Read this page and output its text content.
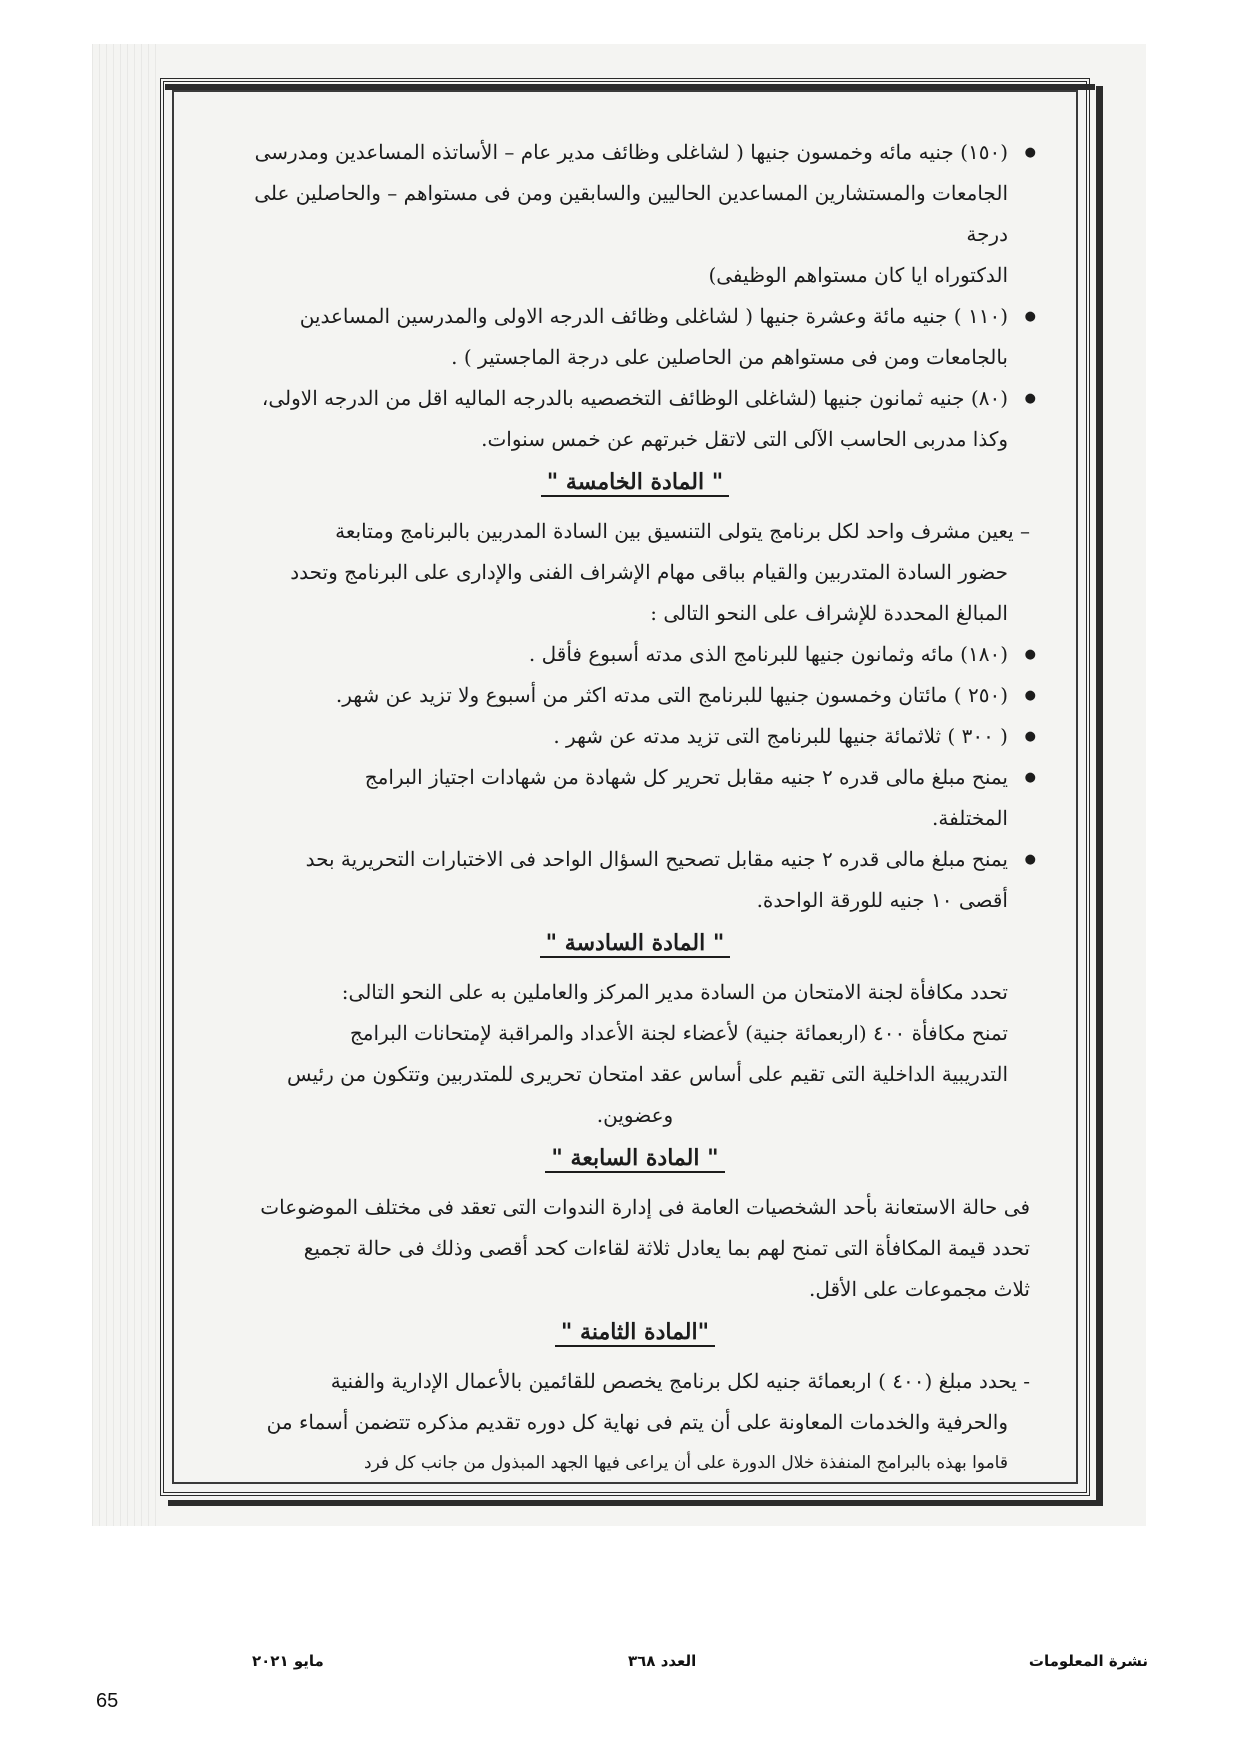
● (١٥٠) جنيه مائه وخمسون جنيها ( لشاغلى وظائف مدير عام – الأساتذه المساعدين ومدرسى

الجامعات والمستشارين المساعدين الحاليين والسابقين ومن فى مستواهم – والحاصلين على درجة

الدكتوراه ايا كان مستواهم الوظيفى)

● (١١٠ ) جنيه مائة وعشرة جنيها ( لشاغلى وظائف الدرجه الاولى والمدرسين المساعدين

بالجامعات ومن فى مستواهم من الحاصلين على درجة الماجستير ) .

● (٨٠) جنيه ثمانون جنيها (لشاغلى الوظائف التخصصيه بالدرجه الماليه اقل من الدرجه الاولى،

وكذا مدربى الحاسب الآلى التى لاتقل خبرتهم عن خمس سنوات.

" المادة الخامسة "

– يعين مشرف واحد لكل برنامج يتولى التنسيق بين السادة المدربين بالبرنامج ومتابعة

حضور السادة المتدربين والقيام بباقى مهام الإشراف الفنى والإدارى على البرنامج وتحدد

المبالغ المحددة للإشراف على النحو التالى :

● (١٨٠) مائه وثمانون جنيها للبرنامج الذى مدته أسبوع فأقل .

● (٢٥٠ ) مائتان وخمسون جنيها للبرنامج التى مدته اكثر من أسبوع ولا تزيد عن شهر.

● ( ٣٠٠ ) ثلاثمائة جنيها للبرنامج التى تزيد مدته عن شهر .

● يمنح مبلغ مالى قدره ٢ جنيه مقابل تحرير كل شهادة من شهادات اجتياز البرامج

المختلفة.

● يمنح مبلغ مالى قدره ٢ جنيه مقابل تصحيح السؤال الواحد فى الاختبارات التحريرية بحد

أقصى ١٠ جنيه للورقة الواحدة.

" المادة السادسة "

تحدد مكافأة لجنة الامتحان من السادة مدير المركز والعاملين به على النحو التالى:

تمنح مكافأة ٤٠٠ (اربعمائة جنية) لأعضاء لجنة الأعداد والمراقبة لإمتحانات البرامج

التدريبية الداخلية التى تقيم على أساس عقد امتحان تحريرى للمتدربين وتتكون من رئيس

وعضوين.

" المادة السابعة "

فى حالة الاستعانة بأحد الشخصيات العامة فى إدارة الندوات التى تعقد فى مختلف الموضوعات

تحدد قيمة المكافأة التى تمنح لهم بما يعادل ثلاثة لقاءات كحد أقصى وذلك فى حالة تجميع

ثلاث مجموعات على الأقل.

"المادة الثامنة "

- يحدد مبلغ (٤٠٠ ) اربعمائة جنيه لكل برنامج يخصص للقائمين بالأعمال الإدارية والفنية

والحرفية والخدمات المعاونة على أن يتم فى نهاية كل دوره تقديم مذكره تتضمن أسماء من

قاموا بهذه بالبرامج المنفذة خلال الدورة على أن يراعى فيها الجهد المبذول من جانب كل فرد

نشرة المعلومات
العدد ٣٦٨
مايو ٢٠٢١
65
